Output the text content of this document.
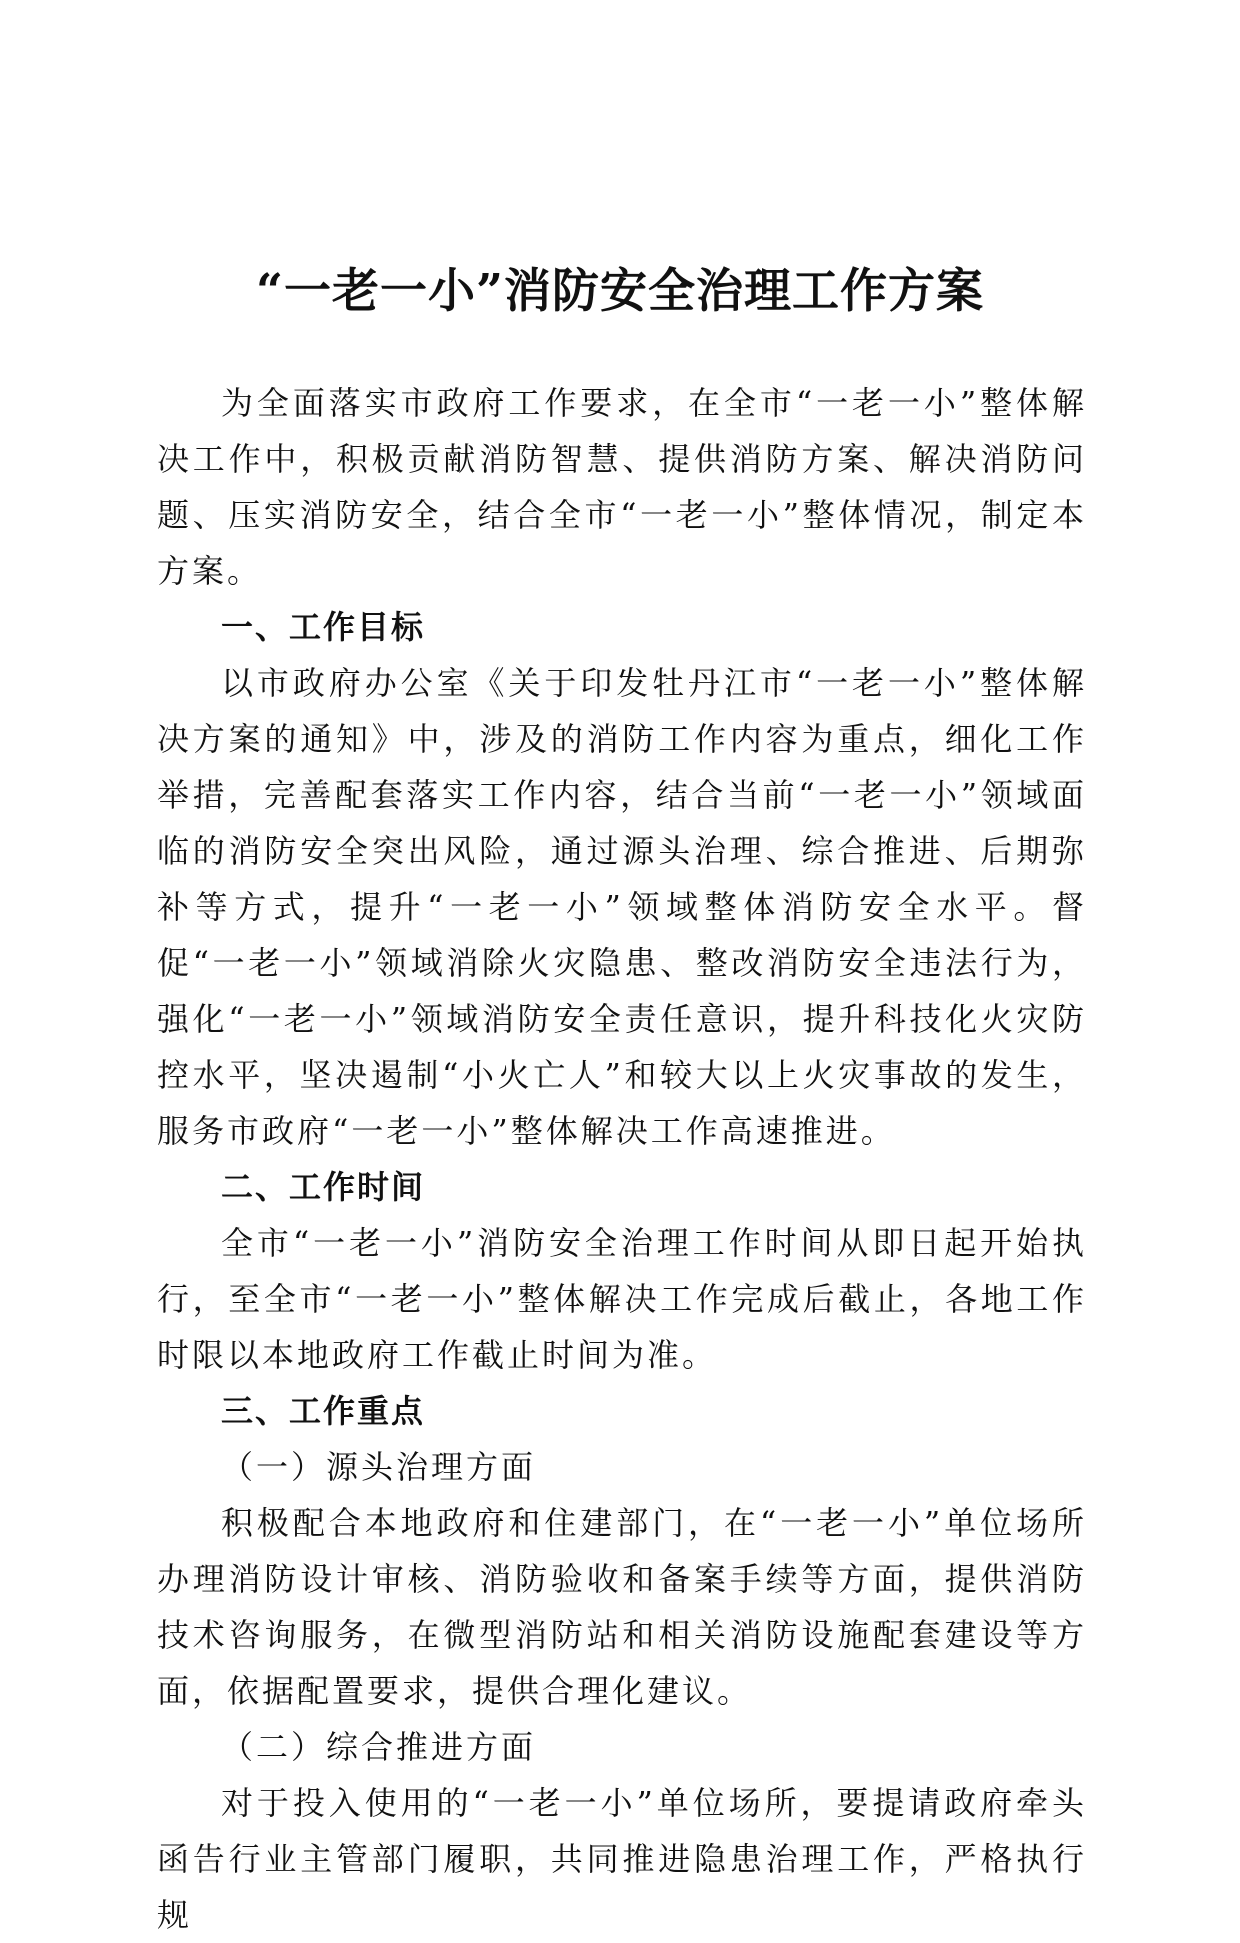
“一老一小”消防安全治理工作方案

为全面落实市政府工作要求，在全市“一老一小”整体解决工作中，积极贡献消防智慧、提供消防方案、解决消防问题、压实消防安全，结合全市“一老一小”整体情况，制定本方案。

一、工作目标

以市政府办公室《关于印发牡丹江市“一老一小”整体解决方案的通知》中，涉及的消防工作内容为重点，细化工作举措，完善配套落实工作内容，结合当前“一老一小”领域面临的消防安全突出风险，通过源头治理、综合推进、后期弥补等方式，提升“一老一小”领域整体消防安全水平。督促“一老一小”领域消除火灾隐患、整改消防安全违法行为，强化“一老一小”领域消防安全责任意识，提升科技化火灾防控水平，坚决遏制“小火亡人”和较大以上火灾事故的发生，服务市政府“一老一小”整体解决工作高速推进。

二、工作时间

全市“一老一小”消防安全治理工作时间从即日起开始执行，至全市“一老一小”整体解决工作完成后截止，各地工作时限以本地政府工作截止时间为准。

三、工作重点

（一）源头治理方面

积极配合本地政府和住建部门，在“一老一小”单位场所办理消防设计审核、消防验收和备案手续等方面，提供消防技术咨询服务，在微型消防站和相关消防设施配套建设等方面，依据配置要求，提供合理化建议。

（二）综合推进方面

对于投入使用的“一老一小”单位场所，要提请政府牵头函告行业主管部门履职，共同推进隐患治理工作，严格执行规
